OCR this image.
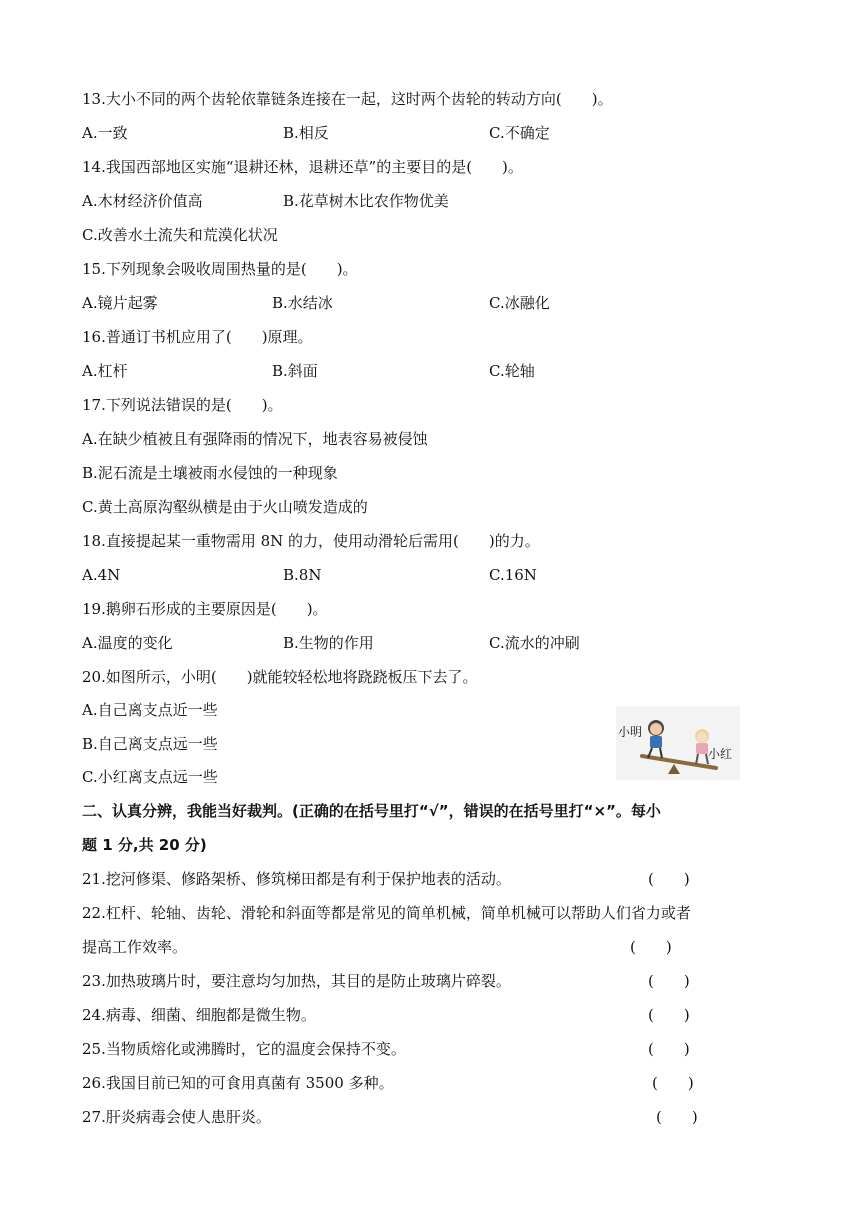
13.大小不同的两个齿轮依靠链条连接在一起，这时两个齿轮的转动方向(　　)。
A.一致	B.相反	C.不确定
14.我国西部地区实施“退耕还林，退耕还草”的主要目的是(　　)。
A.木材经济价值高	B.花草树木比农作物优美
C.改善水土流失和荒漠化状况
15.下列现象会吸收周围热量的是(　　)。
A.镜片起雾	B.水结冰	C.冰融化
16.普通订书机应用了(　　)原理。
A.杠杆	B.斜面	C.轮轴
17.下列说法错误的是(　　)。
A.在缺少植被且有强降雨的情况下，地表容易被侵蚀
B.泥石流是土壤被雨水侵蚀的一种现象
C.黄土高原沟壑纵横是由于火山喷发造成的
18.直接提起某一重物需用 8N 的力，使用动滑轮后需用(　　)的力。
A.4N	B.8N	C.16N
19.鹅卵石形成的主要原因是(　　)。
A.温度的变化	B.生物的作用	C.流水的冲刷
20.如图所示，小明(　　)就能较轻松地将跷跷板压下去了。
A.自己离支点近一些
B.自己离支点远一些
C.小红离支点远一些
小明
小红
二、认真分辨，我能当好裁判。(正确的在括号里打“√”，错误的在括号里打“×”。每小
题 1 分,共 20 分)
21.挖河修渠、修路架桥、修筑梯田都是有利于保护地表的活动。	(　　)
22.杠杆、轮轴、齿轮、滑轮和斜面等都是常见的简单机械，简单机械可以帮助人们省力或者
提高工作效率。	(　　)
23.加热玻璃片时，要注意均匀加热，其目的是防止玻璃片碎裂。	(　　)
24.病毒、细菌、细胞都是微生物。	(　　)
25.当物质熔化或沸腾时，它的温度会保持不变。	(　　)
26.我国目前已知的可食用真菌有 3500 多种。	(　　)
27.肝炎病毒会使人患肝炎。	(　　)
